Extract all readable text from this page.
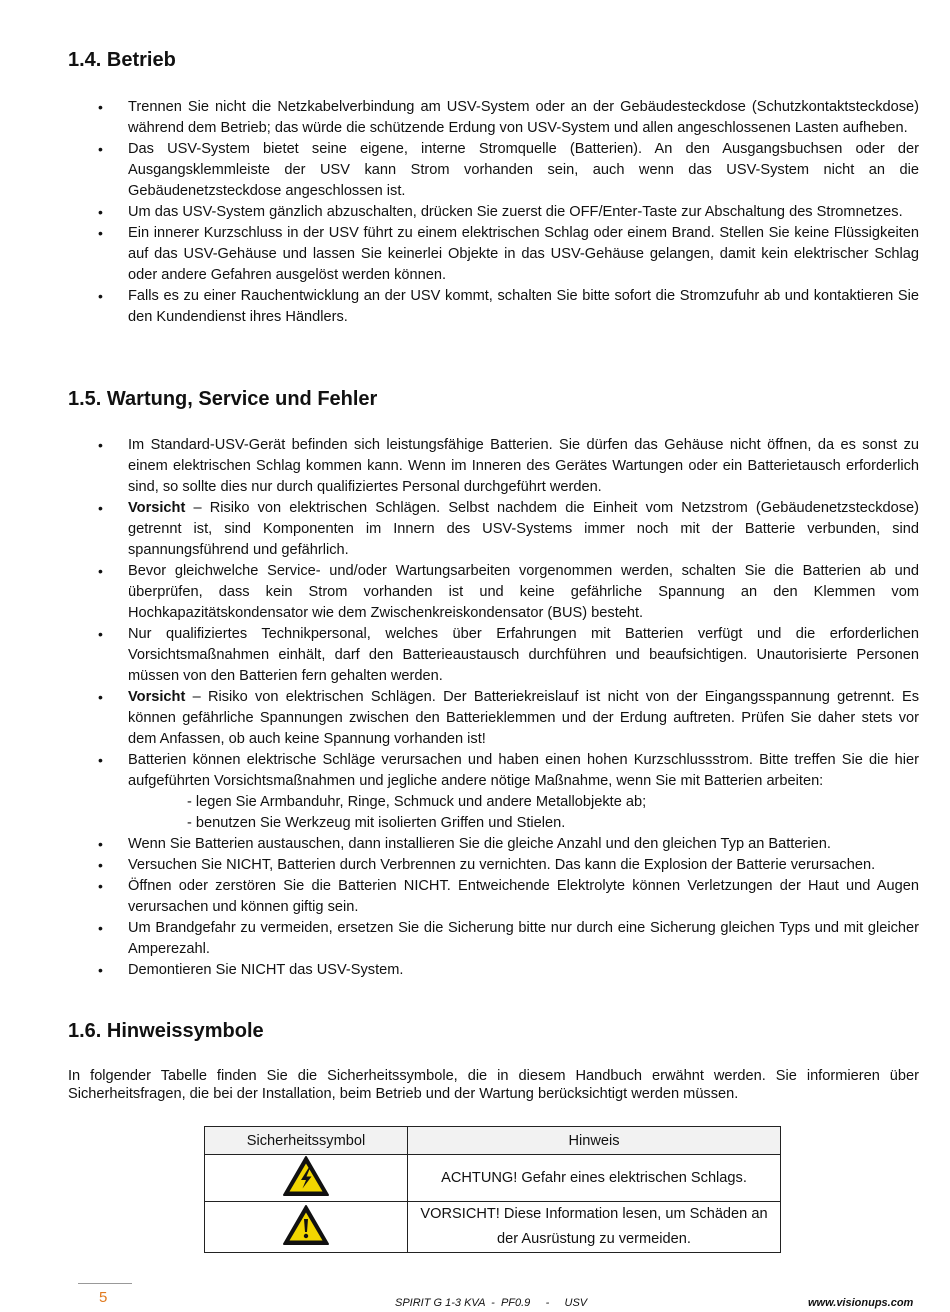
1.4. Betrieb
• Trennen Sie nicht die Netzkabelverbindung am USV-System oder an der Gebäudesteckdose (Schutzkontaktsteckdose) während dem Betrieb; das würde die schützende Erdung von USV-System und allen angeschlossenen Lasten aufheben.
• Das USV-System bietet seine eigene, interne Stromquelle (Batterien). An den Ausgangsbuchsen oder der Ausgangsklemmleiste der USV kann Strom vorhanden sein, auch wenn das USV-System nicht an die Gebäudenetzsteckdose angeschlossen ist.
• Um das USV-System gänzlich abzuschalten, drücken Sie zuerst die OFF/Enter-Taste zur Abschaltung des Stromnetzes.
• Ein innerer Kurzschluss in der USV führt zu einem elektrischen Schlag oder einem Brand. Stellen Sie keine Flüssigkeiten auf das USV-Gehäuse und lassen Sie keinerlei Objekte in das USV-Gehäuse gelangen, damit kein elektrischer Schlag oder andere Gefahren ausgelöst werden können.
• Falls es zu einer Rauchentwicklung an der USV kommt, schalten Sie bitte sofort die Stromzufuhr ab und kontaktieren Sie den Kundendienst ihres Händlers.
1.5. Wartung, Service und Fehler
• Im Standard-USV-Gerät befinden sich leistungsfähige Batterien. Sie dürfen das Gehäuse nicht öffnen, da es sonst zu einem elektrischen Schlag kommen kann. Wenn im Inneren des Gerätes Wartungen oder ein Batterietausch erforderlich sind, so sollte dies nur durch qualifiziertes Personal durchgeführt werden.
• Vorsicht – Risiko von elektrischen Schlägen. Selbst nachdem die Einheit vom Netzstrom (Gebäudenetzsteckdose) getrennt ist, sind Komponenten im Innern des USV-Systems immer noch mit der Batterie verbunden, sind spannungsführend und gefährlich.
• Bevor gleichwelche Service- und/oder Wartungsarbeiten vorgenommen werden, schalten Sie die Batterien ab und überprüfen, dass kein Strom vorhanden ist und keine gefährliche Spannung an den Klemmen vom Hochkapazitätskondensator wie dem Zwischenkreiskondensator (BUS) besteht.
• Nur qualifiziertes Technikpersonal, welches über Erfahrungen mit Batterien verfügt und die erforderlichen Vorsichtsmaßnahmen einhält, darf den Batterieaustausch durchführen und beaufsichtigen. Unautorisierte Personen müssen von den Batterien fern gehalten werden.
• Vorsicht – Risiko von elektrischen Schlägen. Der Batteriekreislauf ist nicht von der Eingangsspannung getrennt. Es können gefährliche Spannungen zwischen den Batterieklemmen und der Erdung auftreten. Prüfen Sie daher stets vor dem Anfassen, ob auch keine Spannung vorhanden ist!
• Batterien können elektrische Schläge verursachen und haben einen hohen Kurzschlussstrom. Bitte treffen Sie die hier aufgeführten Vorsichtsmaßnahmen und jegliche andere nötige Maßnahme, wenn Sie mit Batterien arbeiten:
- legen Sie Armbanduhr, Ringe, Schmuck und andere Metallobjekte ab;
- benutzen Sie Werkzeug mit isolierten Griffen und Stielen.
• Wenn Sie Batterien austauschen, dann installieren Sie die gleiche Anzahl und den gleichen Typ an Batterien.
• Versuchen Sie NICHT, Batterien durch Verbrennen zu vernichten. Das kann die Explosion der Batterie verursachen.
• Öffnen oder zerstören Sie die Batterien NICHT. Entweichende Elektrolyte können Verletzungen der Haut und Augen verursachen und können giftig sein.
• Um Brandgefahr zu vermeiden, ersetzen Sie die Sicherung bitte nur durch eine Sicherung gleichen Typs und mit gleicher Amperezahl.
• Demontieren Sie NICHT das USV-System.
1.6. Hinweissymbole

In folgender Tabelle finden Sie die Sicherheitssymbole, die in diesem Handbuch erwähnt werden. Sie informieren über Sicherheitsfragen, die bei der Installation, beim Betrieb und der Wartung berücksichtigt werden müssen.

Sicherheitssymbol	Hinweis
	ACHTUNG! Gefahr eines elektrischen Schlags.
	VORSICHT! Diese Information lesen, um Schäden an der Ausrüstung zu vermeiden.
5	SPIRIT G 1-3 KVA  -  PF0.9     -     USV	www.visionups.com
